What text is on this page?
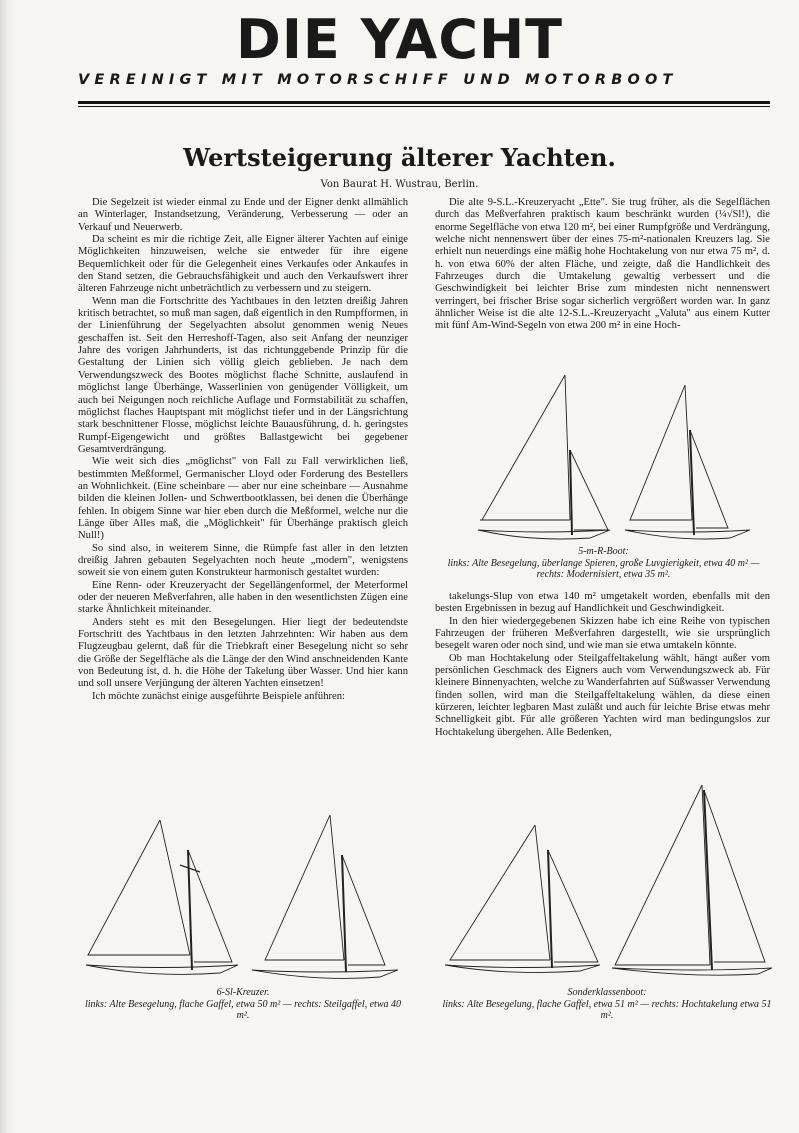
DIE YACHT
VEREINIGT MIT MOTORSCHIFF UND MOTORBOOT
Wertsteigerung älterer Yachten.
Von Baurat H. Wustrau, Berlin.

Die Segelzeit ist wieder einmal zu Ende und der Eigner denkt allmählich an Winterlager, Instandsetzung, Veränderung, Verbesserung — oder an Verkauf und Neuerwerb.

Da scheint es mir die richtige Zeit, alle Eigner älterer Yachten auf einige Möglichkeiten hinzuweisen, welche sie entweder für ihre eigene Bequemlichkeit oder für die Gelegenheit eines Verkaufes oder Ankaufes in den Stand setzen, die Gebrauchsfähigkeit und auch den Verkaufswert ihrer älteren Fahrzeuge nicht unbeträchtlich zu verbessern und zu steigern.

Wenn man die Fortschritte des Yachtbaues in den letzten dreißig Jahren kritisch betrachtet, so muß man sagen, daß eigentlich in den Rumpfformen, in der Linienführung der Segelyachten absolut genommen wenig Neues geschaffen ist. Seit den Herreshoff-Tagen, also seit Anfang der neunziger Jahre des vorigen Jahrhunderts, ist das richtunggebende Prinzip für die Gestaltung der Linien sich völlig gleich geblieben. Je nach dem Verwendungszweck des Bootes möglichst flache Schnitte, auslaufend in möglichst lange Überhänge, Wasserlinien von genügender Völligkeit, um auch bei Neigungen noch reichliche Auflage und Formstabilität zu schaffen, möglichst flaches Hauptspant mit möglichst tiefer und in der Längsrichtung stark beschnittener Flosse, möglichst leichte Bauausführung, d. h. geringstes Rumpf-Eigengewicht und größtes Ballastgewicht bei gegebener Gesamtverdrängung.

Wie weit sich dies „möglichst" von Fall zu Fall verwirklichen ließ, bestimmten Meßformel, Germanischer Lloyd oder Forderung des Bestellers an Wohnlichkeit. (Eine scheinbare — aber nur eine scheinbare — Ausnahme bilden die kleinen Jollen- und Schwertbootklassen, bei denen die Überhänge fehlen. In obigem Sinne war hier eben durch die Meßformel, welche nur die Länge über Alles maß, die „Möglichkeit" für Überhänge praktisch gleich Null!)

So sind also, in weiterem Sinne, die Rümpfe fast aller in den letzten dreißig Jahren gebauten Segelyachten noch heute „modern", wenigstens soweit sie von einem guten Konstrukteur harmonisch gestaltet wurden:

Eine Renn- oder Kreuzeryacht der Segellängenformel, der Meterformel oder der neueren Meßverfahren, alle haben in den wesentlichsten Zügen eine starke Ähnlichkeit miteinander.

Anders steht es mit den Besegelungen. Hier liegt der bedeutendste Fortschritt des Yachtbaus in den letzten Jahrzehnten: Wir haben aus dem Flugzeugbau gelernt, daß für die Triebkraft einer Besegelung nicht so sehr die Größe der Segelfläche als die Länge der den Wind anschneidenden Kante von Bedeutung ist, d. h. die Höhe der Takelung über Wasser. Und hier kann und soll unsere Verjüngung der älteren Yachten einsetzen!

Ich möchte zunächst einige ausgeführte Beispiele anführen:

Die alte 9-S.L.-Kreuzeryacht „Ette". Sie trug früher, als die Segelflächen durch das Meßverfahren praktisch kaum beschränkt wurden (¼√Sl!), die enorme Segelfläche von etwa 120 m², bei einer Rumpfgröße und Verdrängung, welche nicht nennenswert über der eines 75-m²-nationalen Kreuzers lag. Sie erhielt nun neuerdings eine mäßig hohe Hochtakelung von nur etwa 75 m², d. h. von etwa 60% der alten Fläche, und zeigte, daß die Handlichkeit des Fahrzeuges durch die Umtakelung gewaltig verbessert und die Geschwindigkeit bei leichter Brise zum mindesten nicht nennenswert verringert, bei frischer Brise sogar sicherlich vergrößert worden war. In ganz ähnlicher Weise ist die alte 12-S.L.-Kreuzeryacht „Valuta" aus einem Kutter mit fünf Am-Wind-Segeln von etwa 200 m² in eine Hoch-

5-m-R-Boot:
links: Alte Besegelung, überlange Spieren, große Luvgierigkeit, etwa 40 m² — rechts: Modernisiert, etwa 35 m².

takelungs-Slup von etwa 140 m² umgetakelt worden, ebenfalls mit den besten Ergebnissen in bezug auf Handlichkeit und Geschwindigkeit.

In den hier wiedergegebenen Skizzen habe ich eine Reihe von typischen Fahrzeugen der früheren Meßverfahren dargestellt, wie sie ursprünglich besegelt waren oder noch sind, und wie man sie etwa umtakeln könnte.

Ob man Hochtakelung oder Steilgaffeltakelung wählt, hängt außer vom persönlichen Geschmack des Eigners auch vom Verwendungszweck ab. Für kleinere Binnenyachten, welche zu Wanderfahrten auf Süßwasser Verwendung finden sollen, wird man die Steilgaffeltakelung wählen, da diese einen kürzeren, leichter legbaren Mast zuläßt und auch für leichte Brise etwas mehr Schnelligkeit gibt. Für alle größeren Yachten wird man bedingungslos zur Hochtakelung übergehen. Alle Bedenken,

6-Sl-Kreuzer.
links: Alte Besegelung, flache Gaffel, etwa 50 m² — rechts: Steilgaffel, etwa 40 m².
Sonderklassenboot:
links: Alte Besegelung, flache Gaffel, etwa 51 m² — rechts: Hochtakelung etwa 51 m².
